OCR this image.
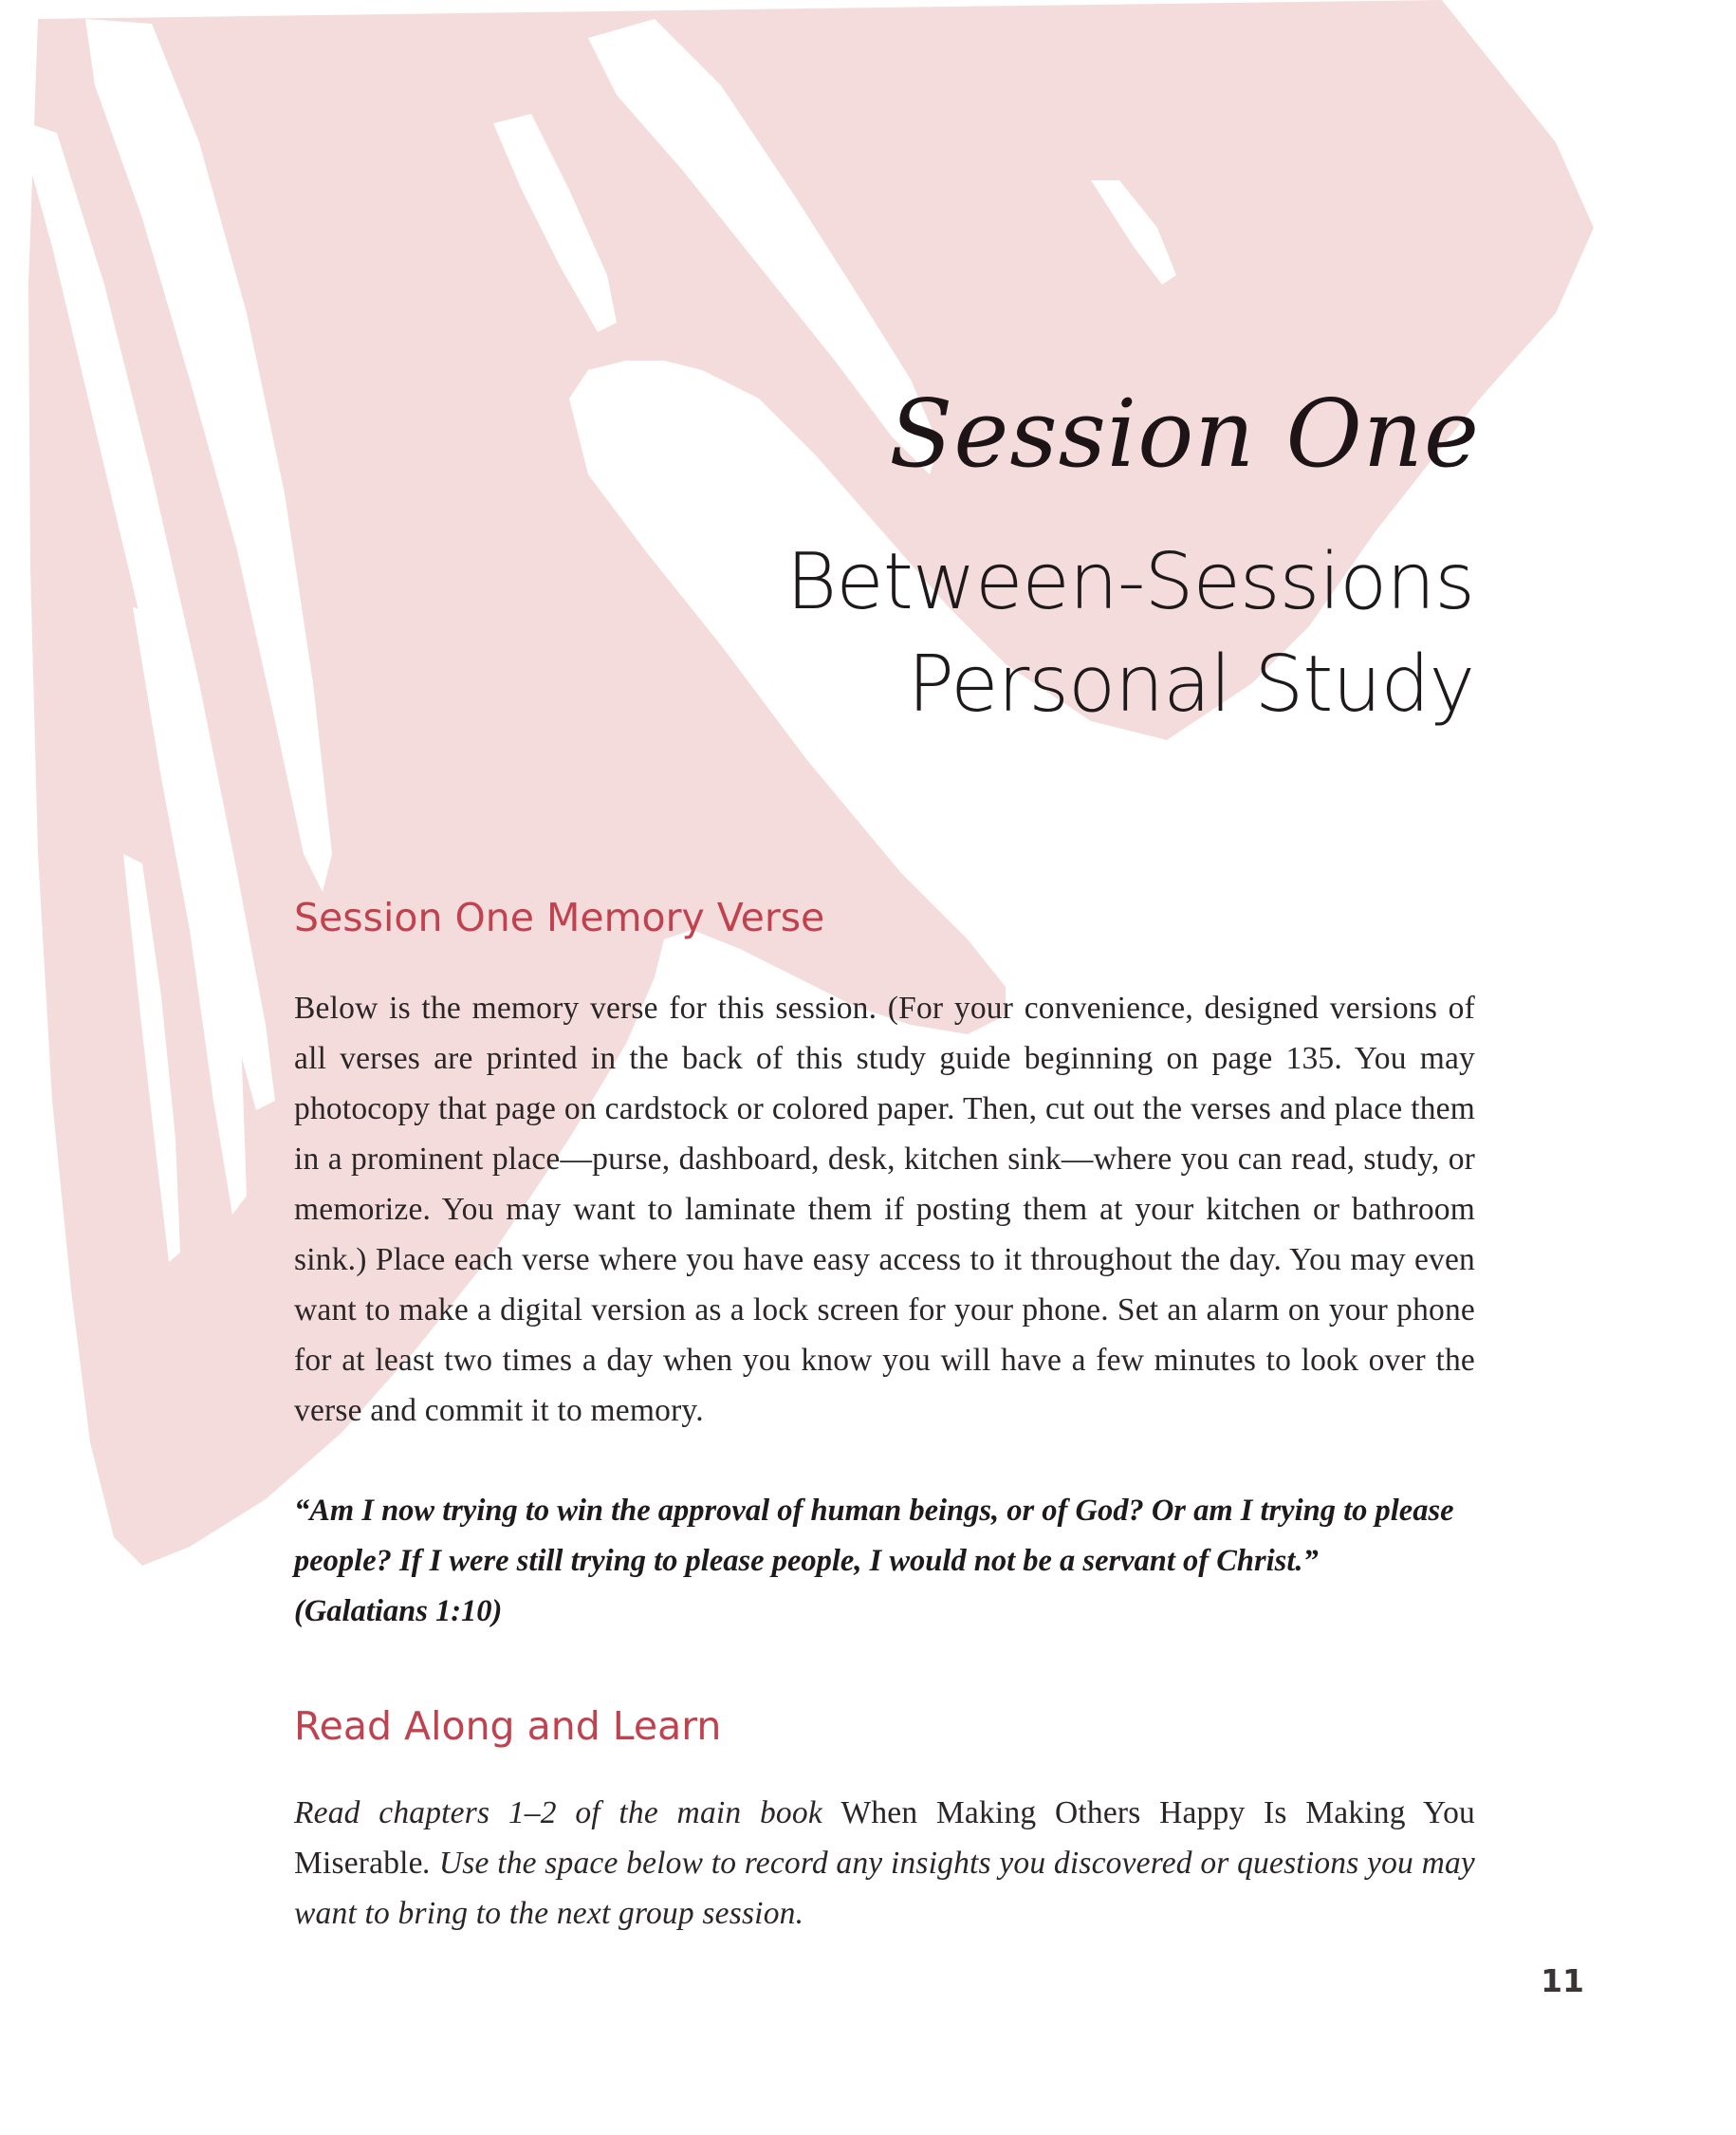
Session One
Between-Sessions
Personal Study
Session One Memory Verse

Below is the memory verse for this session. (For your convenience, designed versions of all verses are printed in the back of this study guide beginning on page 135. You may photocopy that page on cardstock or colored paper. Then, cut out the verses and place them in a prominent place—purse, dashboard, desk, kitchen sink—where you can read, study, or memorize. You may want to laminate them if posting them at your kitchen or bathroom sink.) Place each verse where you have easy access to it throughout the day. You may even want to make a digital version as a lock screen for your phone. Set an alarm on your phone for at least two times a day when you know you will have a few minutes to look over the verse and commit it to memory.

“Am I now trying to win the approval of human beings, or of God? Or am I trying to please people? If I were still trying to please people, I would not be a servant of Christ.”
(Galatians 1:10)

Read Along and Learn

Read chapters 1–2 of the main book When Making Others Happy Is Making You Miserable. Use the space below to record any insights you discovered or questions you may want to bring to the next group session.

11
